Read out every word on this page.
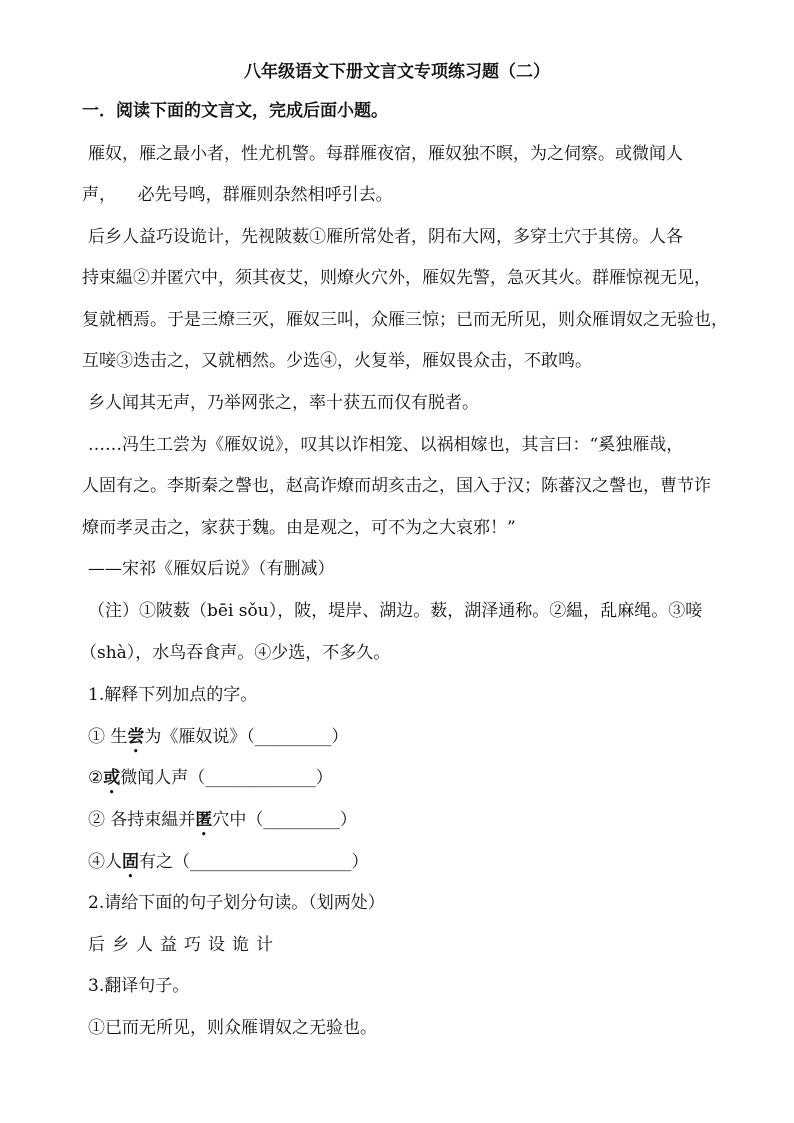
八年级语文下册文言文专项练习题（二）
一．阅读下面的文言文，完成后面小题。
雁奴，雁之最小者，性尤机警。每群雁夜宿，雁奴独不暝，为之伺察。或微闻人
声，    必先号鸣，群雁则杂然相呼引去。
后乡人益巧设诡计，先视陂薮①雁所常处者，阴布大网，多穿土穴于其傍。人各
持束緼②并匿穴中，须其夜艾，则燎火穴外，雁奴先警，急灭其火。群雁惊视无见，
复就栖焉。于是三燎三灭，雁奴三叫，众雁三惊；已而无所见，则众雁谓奴之无验也，
互唼③迭击之，又就栖然。少选④，火复举，雁奴畏众击，不敢鸣。
乡人闻其无声，乃举网张之，率十获五而仅有脱者。
……冯生工尝为《雁奴说》，叹其以诈相笼、以祸相嫁也，其言曰：“奚独雁哉，
人固有之。李斯秦之謦也，赵高诈燎而胡亥击之，国入于汉；陈蕃汉之謦也，曹节诈
燎而孝灵击之，家获于魏。由是观之，可不为之大哀邪！”
——宋祁《雁奴后说》（有删减）
（注）①陂薮（bēi sǒu），陂，堤岸、湖边。薮，湖泽通称。②緼，乱麻绳。③唼
（shà），水鸟吞食声。④少选，不多久。
1.解释下列加点的字。
① 生尝为《雁奴说》（_________）
②或微闻人声（_____________）
② 各持束緼并匿穴中（_________）
④人固有之（___________________）
2.请给下面的句子划分句读。（划两处）
后乡人益巧设诡计
3.翻译句子。
①已而无所见，则众雁谓奴之无验也。
